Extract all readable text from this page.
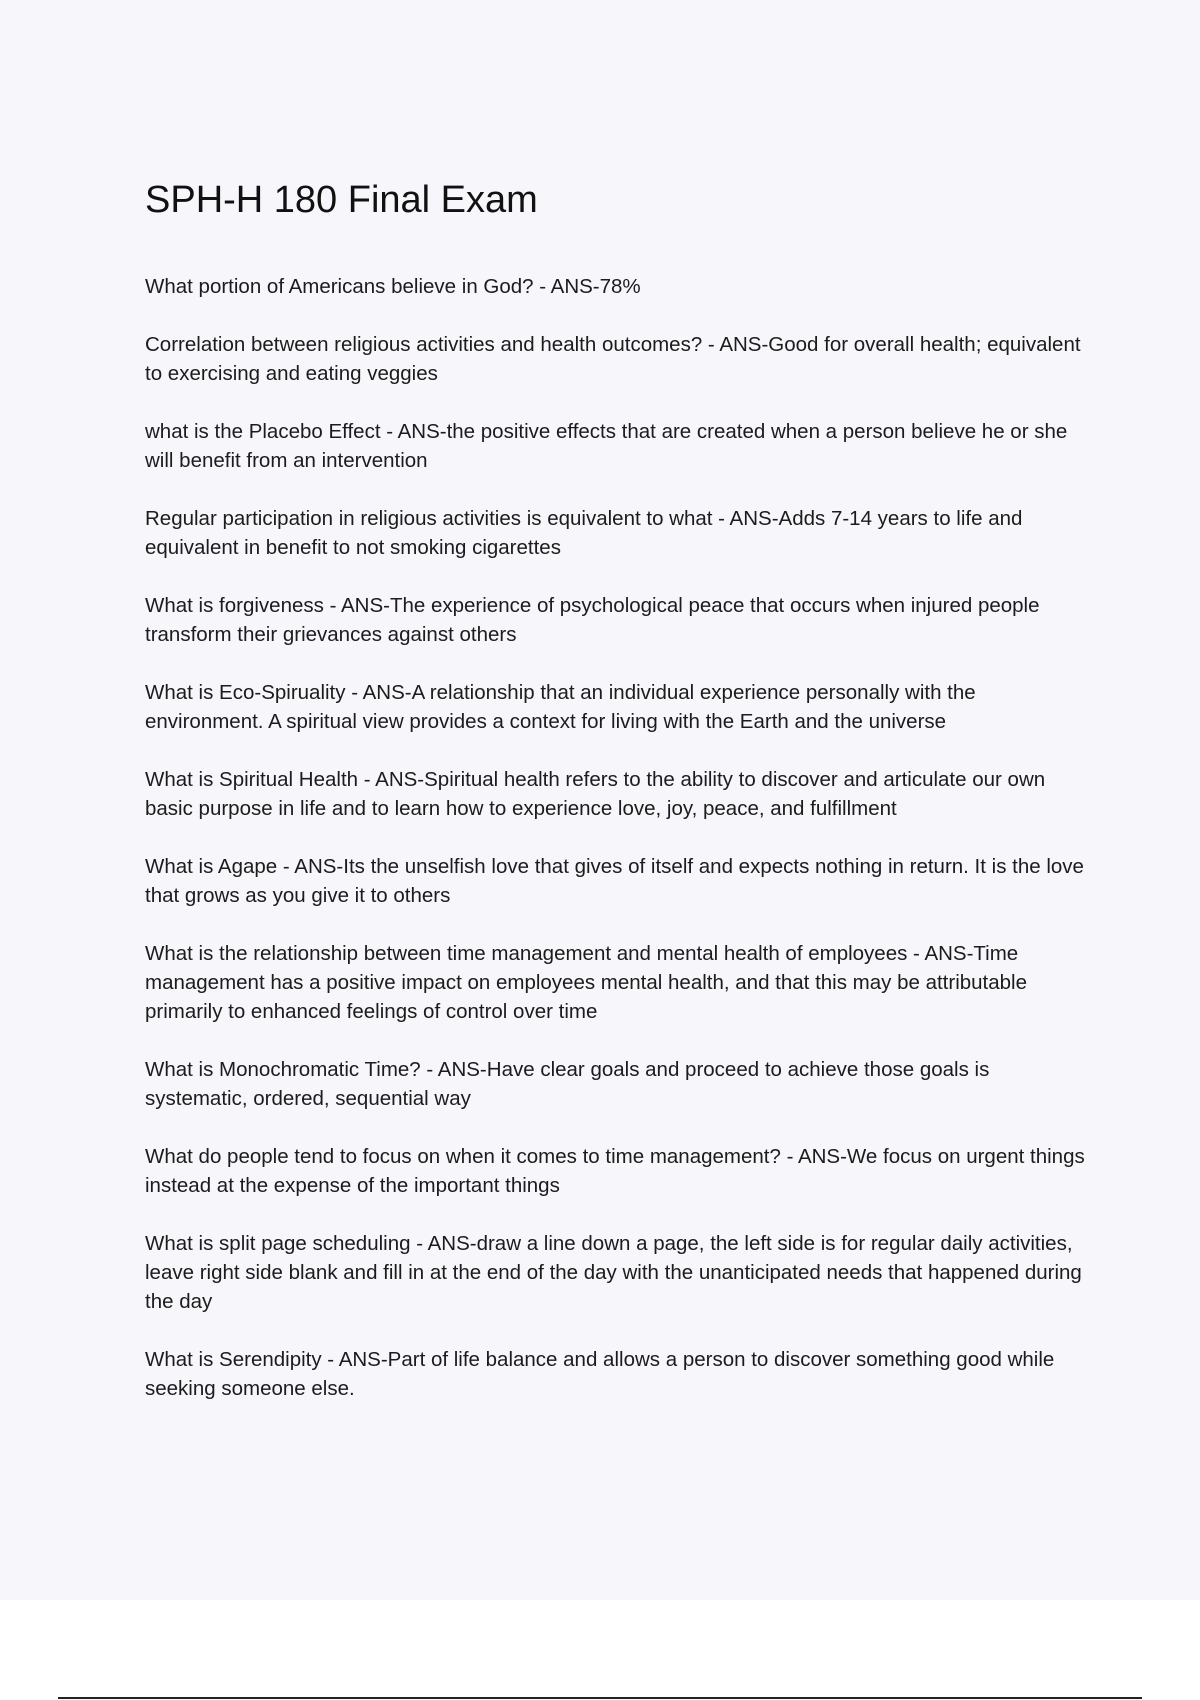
SPH-H 180 Final Exam
What portion of Americans believe in God? - ANS-78%
Correlation between religious activities and health outcomes? - ANS-Good for overall health; equivalent to exercising and eating veggies
what is the Placebo Effect - ANS-the positive effects that are created when a person believe he or she will benefit from an intervention
Regular participation in religious activities is equivalent to what - ANS-Adds 7-14 years to life and equivalent in benefit to not smoking cigarettes
What is forgiveness - ANS-The experience of psychological peace that occurs when injured people transform their grievances against others
What is Eco-Spiruality - ANS-A relationship that an individual experience personally with the environment. A spiritual view provides a context for living with the Earth and the universe
What is Spiritual Health - ANS-Spiritual health refers to the ability to discover and articulate our own basic purpose in life and to learn how to experience love, joy, peace, and fulfillment
What is Agape - ANS-Its the unselfish love that gives of itself and expects nothing in return. It is the love that grows as you give it to others
What is the relationship between time management and mental health of employees - ANS-Time management has a positive impact on employees mental health, and that this may be attributable primarily to enhanced feelings of control over time
What is Monochromatic Time? - ANS-Have clear goals and proceed to achieve those goals is systematic, ordered, sequential way
What do people tend to focus on when it comes to time management? - ANS-We focus on urgent things instead at the expense of the important things
What is split page scheduling - ANS-draw a line down a page, the left side is for regular daily activities, leave right side blank and fill in at the end of the day with the unanticipated needs that happened during the day
What is Serendipity - ANS-Part of life balance and allows a person to discover something good while seeking someone else.
